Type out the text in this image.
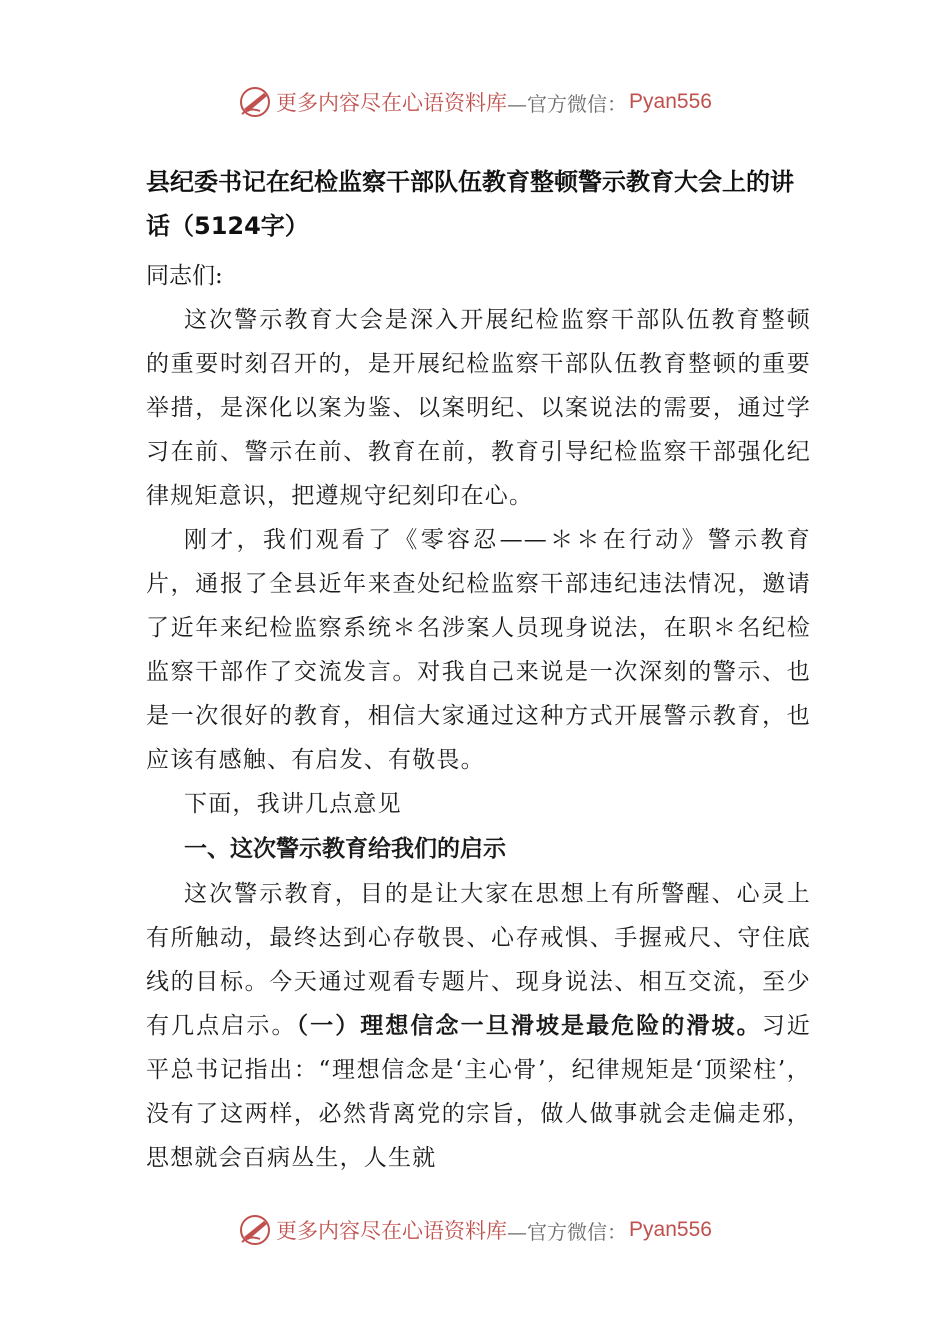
更多内容尽在心语资料库 —官方微信： Pyan556
县纪委书记在纪检监察干部队伍教育整顿警示教育大会上的讲话（5124字）

同志们:

这次警示教育大会是深入开展纪检监察干部队伍教育整顿的重要时刻召开的，是开展纪检监察干部队伍教育整顿的重要举措，是深化以案为鉴、以案明纪、以案说法的需要，通过学习在前、警示在前、教育在前，教育引导纪检监察干部强化纪律规矩意识，把遵规守纪刻印在心。

刚才，我们观看了《零容忍——＊＊在行动》警示教育片，通报了全县近年来查处纪检监察干部违纪违法情况，邀请了近年来纪检监察系统＊名涉案人员现身说法，在职＊名纪检监察干部作了交流发言。对我自己来说是一次深刻的警示、也是一次很好的教育，相信大家通过这种方式开展警示教育，也应该有感触、有启发、有敬畏。

下面，我讲几点意见

一、这次警示教育给我们的启示

这次警示教育，目的是让大家在思想上有所警醒、心灵上有所触动，最终达到心存敬畏、心存戒惧、手握戒尺、守住底线的目标。今天通过观看专题片、现身说法、相互交流，至少有几点启示。（一）理想信念一旦滑坡是最危险的滑坡。习近平总书记指出：“理想信念是‘主心骨’，纪律规矩是‘顶梁柱’，没有了这两样，必然背离党的宗旨，做人做事就会走偏走邪，思想就会百病丛生，人生就

更多内容尽在心语资料库 —官方微信： Pyan556
